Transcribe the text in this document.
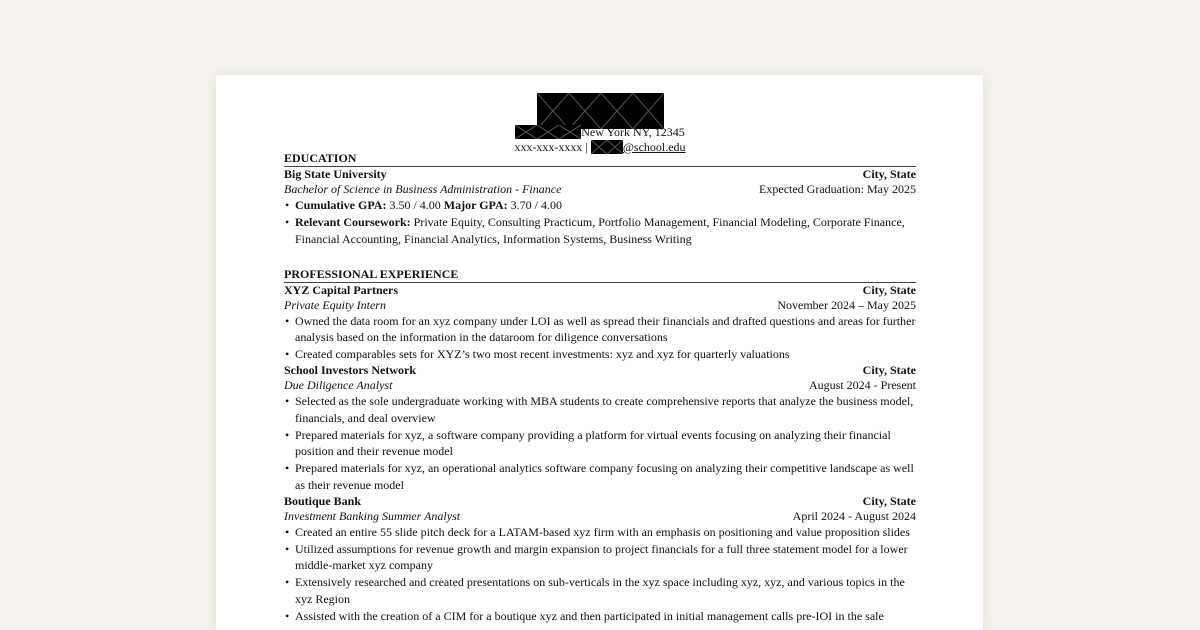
New York NY, 12345
xxx-xxx-xxxx |	@school.edu
EDUCATION
Big State University	City, State
Bachelor of Science in Business Administration - Finance	Expected Graduation: May 2025
• Cumulative GPA: 3.50 / 4.00 Major GPA: 3.70 / 4.00
• Relevant Coursework: Private Equity, Consulting Practicum, Portfolio Management, Financial Modeling, Corporate Finance, Financial Accounting, Financial Analytics, Information Systems, Business Writing
PROFESSIONAL EXPERIENCE
XYZ Capital Partners	City, State
Private Equity Intern	November 2024 – May 2025
• Owned the data room for an xyz company under LOI as well as spread their financials and drafted questions and areas for further analysis based on the information in the dataroom for diligence conversations
• Created comparables sets for XYZ’s two most recent investments: xyz and xyz for quarterly valuations
School Investors Network	City, State
Due Diligence Analyst	August 2024 - Present
• Selected as the sole undergraduate working with MBA students to create comprehensive reports that analyze the business model, financials, and deal overview
• Prepared materials for xyz, a software company providing a platform for virtual events focusing on analyzing their financial position and their revenue model
• Prepared materials for xyz, an operational analytics software company focusing on analyzing their competitive landscape as well as their revenue model
Boutique Bank	City, State
Investment Banking Summer Analyst	April 2024 - August 2024
• Created an entire 55 slide pitch deck for a LATAM-based xyz firm with an emphasis on positioning and value proposition slides
• Utilized assumptions for revenue growth and margin expansion to project financials for a full three statement model for a lower middle-market xyz company
• Extensively researched and created presentations on sub-verticals in the xyz space including xyz, xyz, and various topics in the xyz Region
• Assisted with the creation of a CIM for a boutique xyz and then participated in initial management calls pre-IOI in the sale
